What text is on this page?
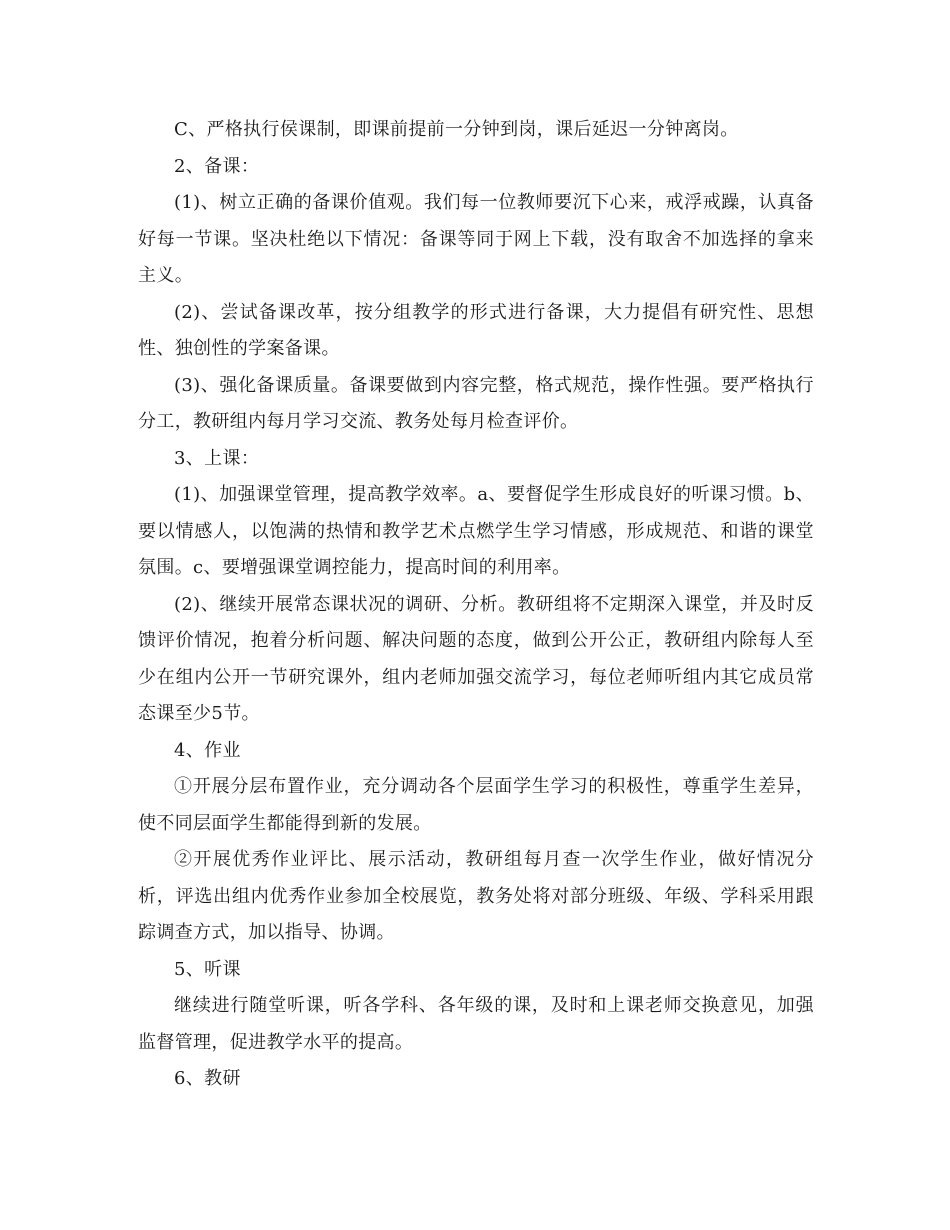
C、严格执行侯课制，即课前提前一分钟到岗，课后延迟一分钟离岗。

2、备课：

(1)、树立正确的备课价值观。我们每一位教师要沉下心来，戒浮戒躁，认真备好每一节课。坚决杜绝以下情况：备课等同于网上下载，没有取舍不加选择的拿来主义。

(2)、尝试备课改革，按分组教学的形式进行备课，大力提倡有研究性、思想性、独创性的学案备课。

(3)、强化备课质量。备课要做到内容完整，格式规范，操作性强。要严格执行分工，教研组内每月学习交流、教务处每月检查评价。

3、上课：

(1)、加强课堂管理，提高教学效率。a、要督促学生形成良好的听课习惯。b、要以情感人，以饱满的热情和教学艺术点燃学生学习情感，形成规范、和谐的课堂氛围。c、要增强课堂调控能力，提高时间的利用率。

(2)、继续开展常态课状况的调研、分析。教研组将不定期深入课堂，并及时反馈评价情况，抱着分析问题、解决问题的态度，做到公开公正，教研组内除每人至少在组内公开一节研究课外，组内老师加强交流学习，每位老师听组内其它成员常态课至少5节。

4、作业

①开展分层布置作业，充分调动各个层面学生学习的积极性，尊重学生差异，使不同层面学生都能得到新的发展。

②开展优秀作业评比、展示活动，教研组每月查一次学生作业，做好情况分析，评选出组内优秀作业参加全校展览，教务处将对部分班级、年级、学科采用跟踪调查方式，加以指导、协调。

5、听课

继续进行随堂听课，听各学科、各年级的课，及时和上课老师交换意见，加强监督管理，促进教学水平的提高。

6、教研
